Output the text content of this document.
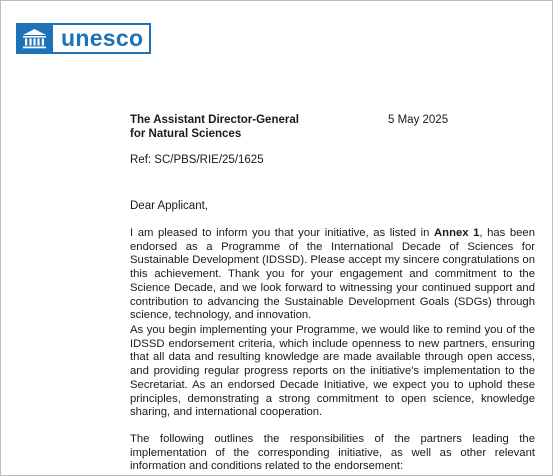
unesco
The Assistant Director-General
for Natural Sciences
5 May 2025
Ref: SC/PBS/RIE/25/1625
Dear Applicant,

I am pleased to inform you that your initiative, as listed in Annex 1, has been endorsed as a Programme of the International Decade of Sciences for Sustainable Development (IDSSD). Please accept my sincere congratulations on this achievement. Thank you for your engagement and commitment to the Science Decade, and we look forward to witnessing your continued support and contribution to advancing the Sustainable Development Goals (SDGs) through science, technology, and innovation.

As you begin implementing your Programme, we would like to remind you of the IDSSD endorsement criteria, which include openness to new partners, ensuring that all data and resulting knowledge are made available through open access, and providing regular progress reports on the initiative's implementation to the Secretariat. As an endorsed Decade Initiative, we expect you to uphold these principles, demonstrating a strong commitment to open science, knowledge sharing, and international cooperation.

The following outlines the responsibilities of the partners leading the implementation of the corresponding initiative, as well as other relevant information and conditions related to the endorsement:
